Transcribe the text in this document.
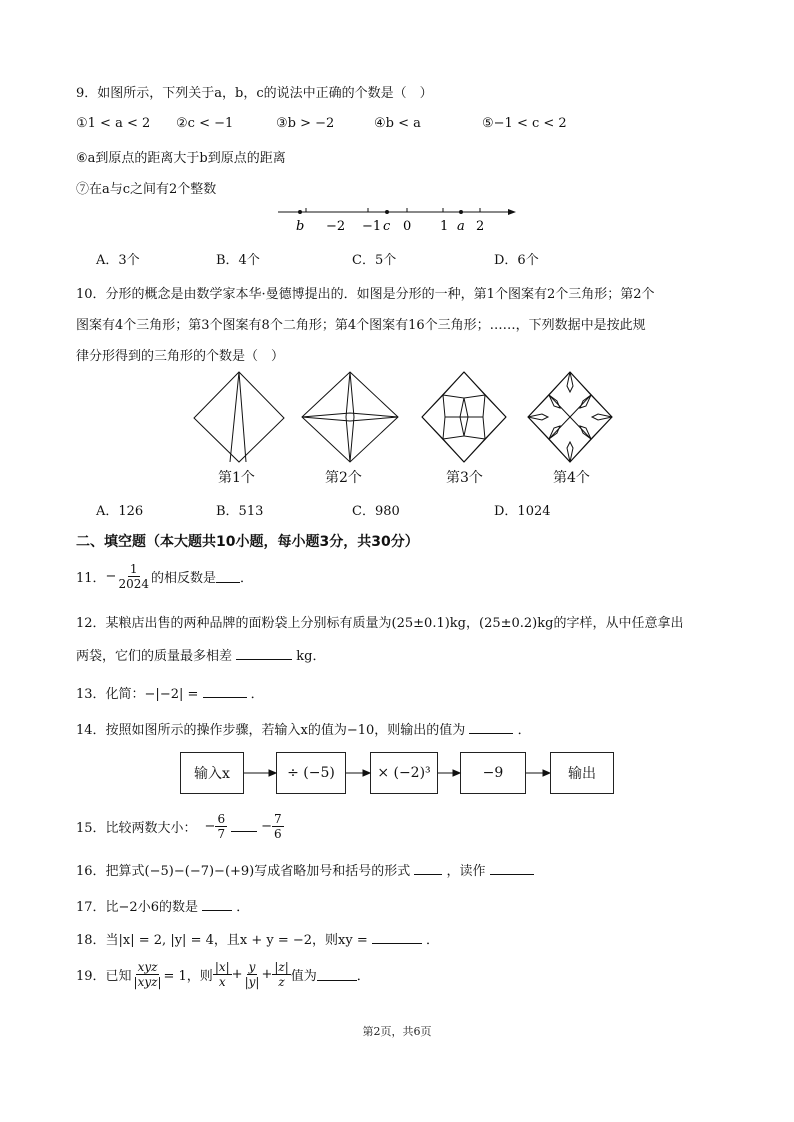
9．如图所示，下列关于a，b，c的说法中正确的个数是（　）
①1 < a < 2 ②c < −1	③b > −2	④b < a	⑤−1 < c < 2
⑥a到原点的距离大于b到原点的距离
⑦在a与c之间有2个整数
b −2 −1 c 0 1 a 2
A．3个	B．4个	C．5个	D．6个
10．分形的概念是由数学家本华·曼德博提出的．如图是分形的一种，第1个图案有2个三角形；第2个
图案有4个三角形；第3个图案有8个二角形；第4个图案有16个三角形；……，下列数据中是按此规
律分形得到的三角形的个数是（　）
第1个	第2个	第3个	第4个
A．126	B．513	C．980	D．1024
二、填空题（本大题共10小题，每小题3分，共30分）
11． − $\frac{1}{2024}$ 的相反数是 ．
12．某粮店出售的两种品牌的面粉袋上分别标有质量为(25±0.1)kg，(25±0.2)kg的字样，从中任意拿出
两袋，它们的质量最多相差	kg．
13．化简：−|−2| =	．
14．按照如图所示的操作步骤，若输入x的值为−10，则输出的值为	．
输入x	÷ (−5)	× (−2)³	−9	输出
15．比较两数大小： − $\frac{6}{7}$	− $\frac{7}{6}$
16．把算式(−5)−(−7)−(+9)写成省略加号和括号的形式	，读作
17．比−2小6的数是	．
18．当|x| = 2, |y| = 4，且x + y = −2，则xy =	．
19．已知 $\frac{\text{xyz}}{\text{|xyz|}} = 1$，则 $\frac{|x|}{x} + \frac{y}{|y|} + \frac{|z|}{z}$ 值为	．
第2页，共6页
